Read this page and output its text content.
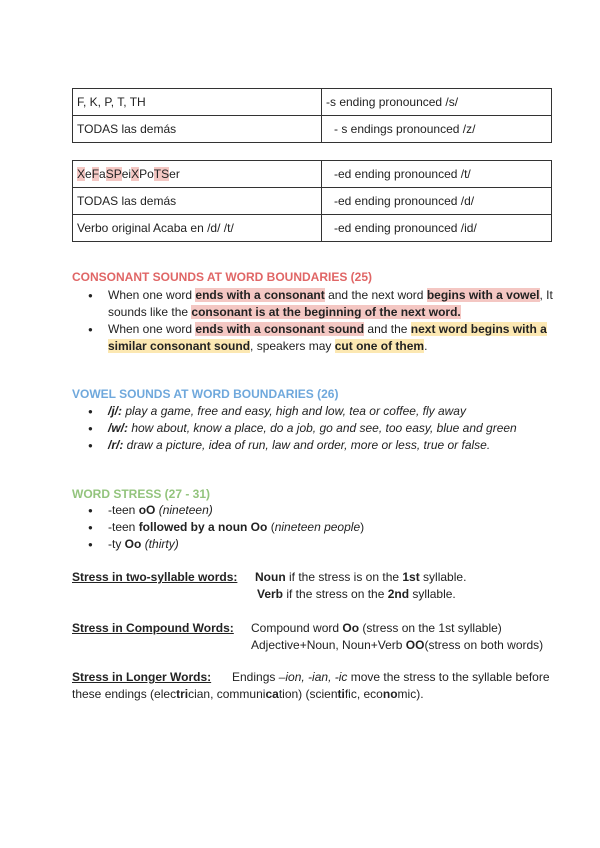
F, K, P, T, TH	-s ending pronounced /s/
TODAS las demás	- s endings pronounced /z/
XeFaSPeiXPoTSer	-ed ending pronounced /t/
TODAS las demás	-ed ending pronounced /d/
Verbo original Acaba en /d/ /t/	-ed ending pronounced /id/
CONSONANT SOUNDS AT WORD BOUNDARIES (25)
● When one word ends with a consonant and the next word begins with a vowel, It sounds like the consonant is at the beginning of the next word.
● When one word ends with a consonant sound and the next word begins with a similar consonant sound, speakers may cut one of them.
VOWEL SOUNDS AT WORD BOUNDARIES (26)
● /j/: play a game, free and easy, high and low, tea or coffee, fly away
● /w/: how about, know a place, do a job, go and see, too easy, blue and green
● /r/: draw a picture, idea of run, law and order, more or less, true or false.
WORD STRESS (27 - 31)
● -teen oO (nineteen)
● -teen followed by a noun Oo (nineteen people)
● -ty Oo (thirty)
Stress in two-syllable words: Noun if the stress is on the 1st syllable.
Verb if the stress on the 2nd syllable.
Stress in Compound Words: Compound word Oo (stress on the 1st syllable)
Adjective+Noun, Noun+Verb OO(stress on both words)
Stress in Longer Words: Endings –ion, -ian, -ic move the stress to the syllable before
these endings (electrician, communication) (scientific, economic).
